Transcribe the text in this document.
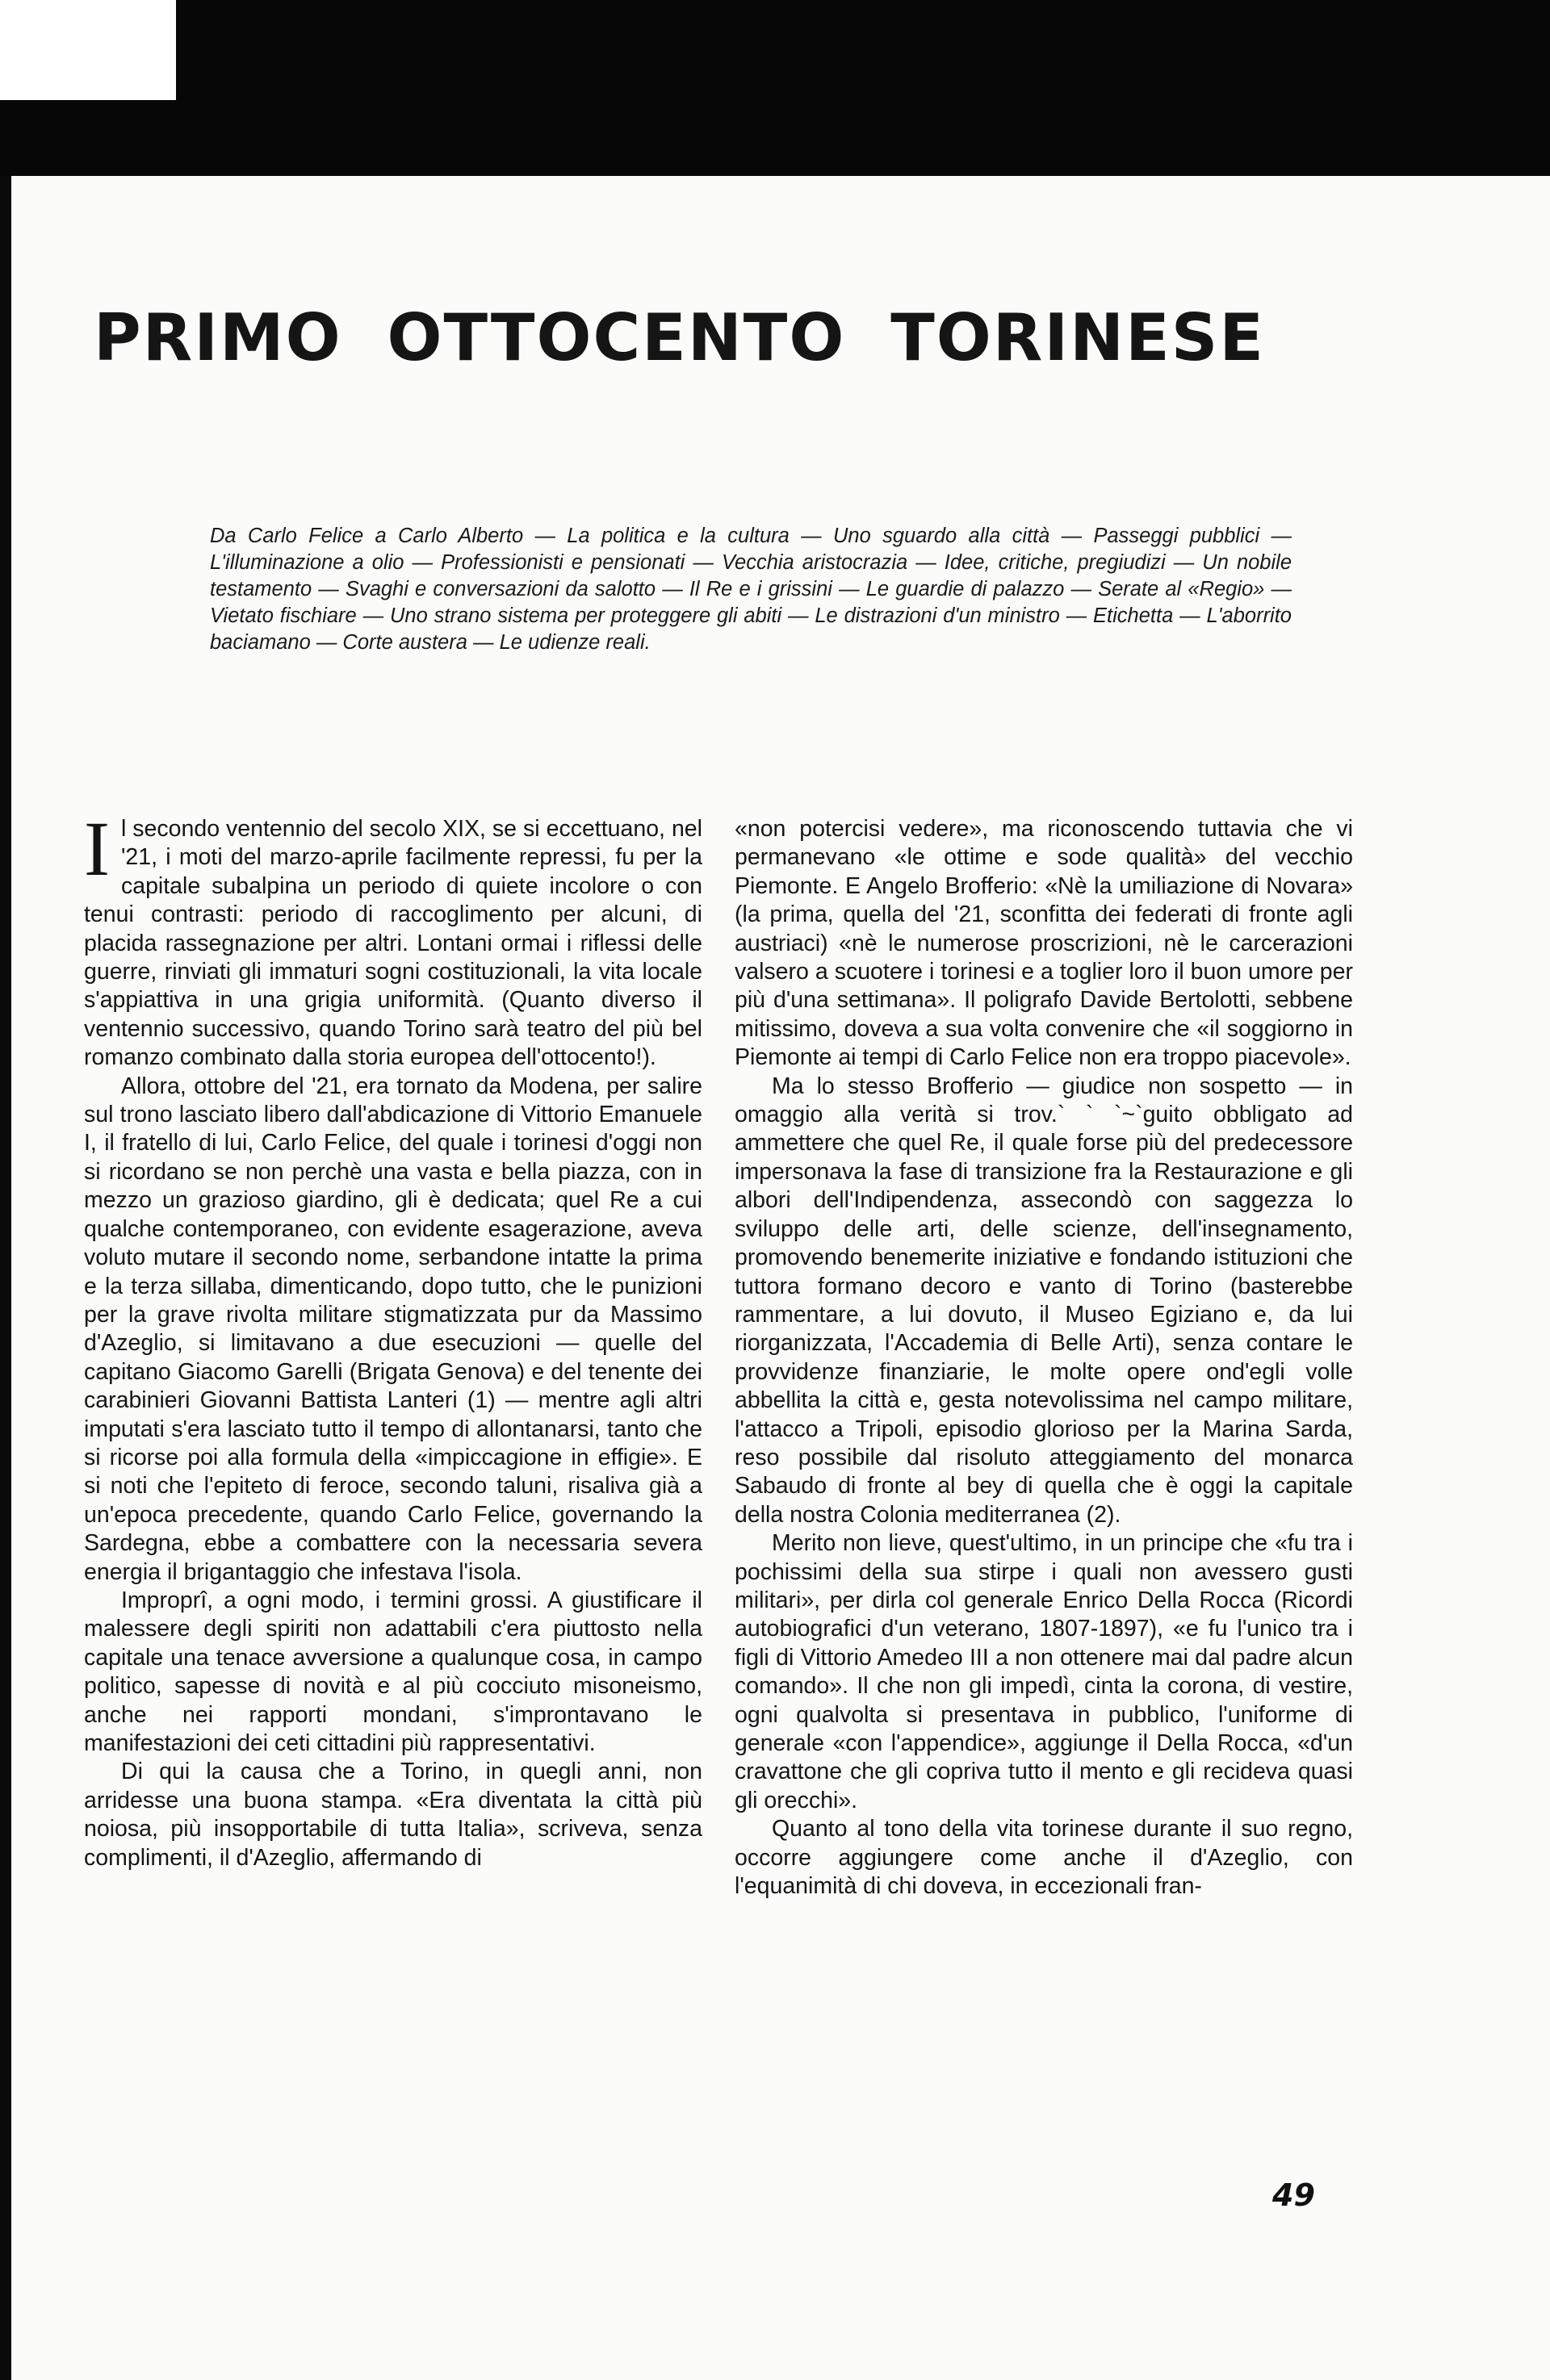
PRIMO OTTOCENTO TORINESE

Da Carlo Felice a Carlo Alberto — La politica e la cultura — Uno sguardo alla città — Passeggi pubblici — L'illuminazione a olio — Professionisti e pensionati — Vecchia aristocrazia — Idee, critiche, pregiudizi — Un nobile testamento — Svaghi e conversazioni da salotto — Il Re e i grissini — Le guardie di palazzo — Serate al «Regio» — Vietato fischiare — Uno strano sistema per proteggere gli abiti — Le distrazioni d'un ministro — Etichetta — L'aborrito baciamano — Corte austera — Le udienze reali.

I l secondo ventennio del secolo XIX, se si eccettuano, nel '21, i moti del marzo-aprile facilmente repressi, fu per la capitale subalpina un periodo di quiete incolore o con tenui contrasti: periodo di raccoglimento per alcuni, di placida rassegnazione per altri. Lontani ormai i riflessi delle guerre, rinviati gli immaturi sogni costituzionali, la vita locale s'appiattiva in una grigia uniformità. (Quanto diverso il ventennio successivo, quando Torino sarà teatro del più bel romanzo combinato dalla storia europea dell'ottocento!).

Allora, ottobre del '21, era tornato da Modena, per salire sul trono lasciato libero dall'abdicazione di Vittorio Emanuele I, il fratello di lui, Carlo Felice, del quale i torinesi d'oggi non si ricordano se non perchè una vasta e bella piazza, con in mezzo un grazioso giardino, gli è dedicata; quel Re a cui qualche contemporaneo, con evidente esagerazione, aveva voluto mutare il secondo nome, serbandone intatte la prima e la terza sillaba, dimenticando, dopo tutto, che le punizioni per la grave rivolta militare stigmatizzata pur da Massimo d'Azeglio, si limitavano a due esecuzioni — quelle del capitano Giacomo Garelli (Brigata Genova) e del tenente dei carabinieri Giovanni Battista Lanteri (1) — mentre agli altri imputati s'era lasciato tutto il tempo di allontanarsi, tanto che si ricorse poi alla formula della «impiccagione in effigie». E si noti che l'epiteto di feroce, secondo taluni, risaliva già a un'epoca precedente, quando Carlo Felice, governando la Sardegna, ebbe a combattere con la necessaria severa energia il brigantaggio che infestava l'isola.

Improprî, a ogni modo, i termini grossi. A giustificare il malessere degli spiriti non adattabili c'era piuttosto nella capitale una tenace avversione a qualunque cosa, in campo politico, sapesse di novità e al più cocciuto misoneismo, anche nei rapporti mondani, s'improntavano le manifestazioni dei ceti cittadini più rappresentativi.

Di qui la causa che a Torino, in quegli anni, non arridesse una buona stampa. «Era diventata la città più noiosa, più insopportabile di tutta Italia», scriveva, senza complimenti, il d'Azeglio, affermando di

«non potercisi vedere», ma riconoscendo tuttavia che vi permanevano «le ottime e sode qualità» del vecchio Piemonte. E Angelo Brofferio: «Nè la umiliazione di Novara» (la prima, quella del '21, sconfitta dei federati di fronte agli austriaci) «nè le numerose proscrizioni, nè le carcerazioni valsero a scuotere i torinesi e a toglier loro il buon umore per più d'una settimana». Il poligrafo Davide Bertolotti, sebbene mitissimo, doveva a sua volta convenire che «il soggiorno in Piemonte ai tempi di Carlo Felice non era troppo piacevole».

Ma lo stesso Brofferio — giudice non sospetto — in omaggio alla verità si trov.` ` `~`guito obbligato ad ammettere che quel Re, il quale forse più del predecessore impersonava la fase di transizione fra la Restaurazione e gli albori dell'Indipendenza, assecondò con saggezza lo sviluppo delle arti, delle scienze, dell'insegnamento, promovendo benemerite iniziative e fondando istituzioni che tuttora formano decoro e vanto di Torino (basterebbe rammentare, a lui dovuto, il Museo Egiziano e, da lui riorganizzata, l'Accademia di Belle Arti), senza contare le provvidenze finanziarie, le molte opere ond'egli volle abbellita la città e, gesta notevolissima nel campo militare, l'attacco a Tripoli, episodio glorioso per la Marina Sarda, reso possibile dal risoluto atteggiamento del monarca Sabaudo di fronte al bey di quella che è oggi la capitale della nostra Colonia mediterranea (2).

Merito non lieve, quest'ultimo, in un principe che «fu tra i pochissimi della sua stirpe i quali non avessero gusti militari», per dirla col generale Enrico Della Rocca (Ricordi autobiografici d'un veterano, 1807-1897), «e fu l'unico tra i figli di Vittorio Amedeo III a non ottenere mai dal padre alcun comando». Il che non gli impedì, cinta la corona, di vestire, ogni qualvolta si presentava in pubblico, l'uniforme di generale «con l'appendice», aggiunge il Della Rocca, «d'un cravattone che gli copriva tutto il mento e gli recideva quasi gli orecchi».

Quanto al tono della vita torinese durante il suo regno, occorre aggiungere come anche il d'Azeglio, con l'equanimità di chi doveva, in eccezionali fran-

49
